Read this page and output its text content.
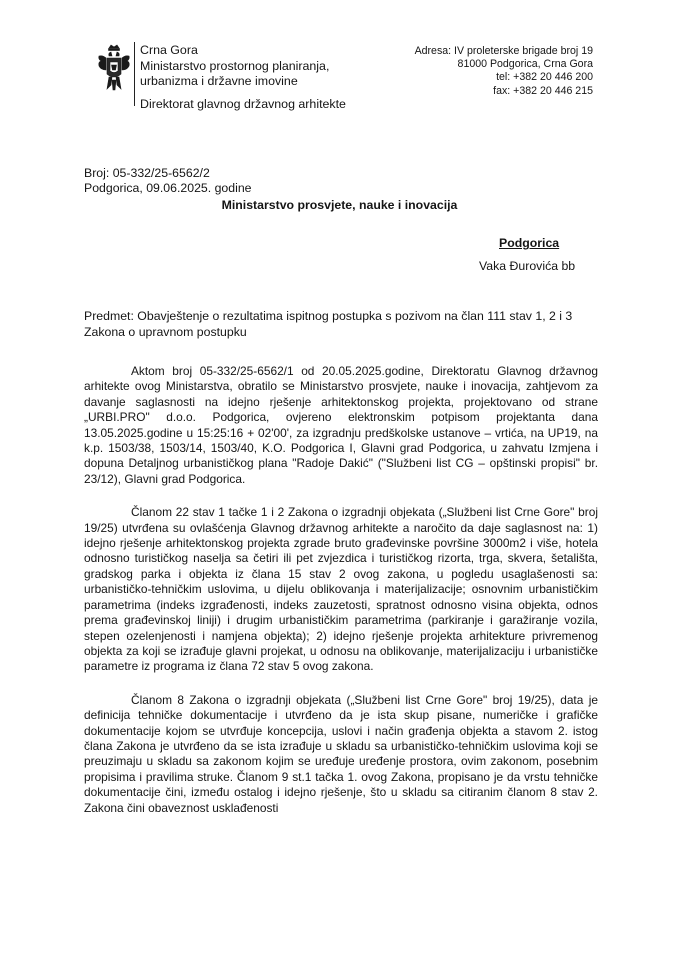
Crna Gora
Ministarstvo prostornog planiranja,
urbanizma i državne imovine
Direktorat glavnog državnog arhitekte
Adresa: IV proleterske brigade broj 19
81000 Podgorica, Crna Gora
tel: +382 20 446 200
fax: +382 20 446 215
Broj: 05-332/25-6562/2
Podgorica, 09.06.2025. godine
Ministarstvo prosvjete, nauke i inovacija
Podgorica
Vaka Đurovića bb
Predmet: Obavještenje o rezultatima ispitnog postupka s pozivom na član 111 stav 1, 2 i 3 Zakona o upravnom postupku

Aktom broj 05-332/25-6562/1 od 20.05.2025.godine, Direktoratu Glavnog državnog arhitekte ovog Ministarstva, obratilo se Ministarstvo prosvjete, nauke i inovacija, zahtjevom za davanje saglasnosti na idejno rješenje arhitektonskog projekta, projektovano od strane „URBI.PRO" d.o.o. Podgorica, ovjereno elektronskim potpisom projektanta dana 13.05.2025.godine u 15:25:16 + 02'00', za izgradnju predškolske ustanove – vrtića, na UP19, na k.p. 1503/38, 1503/14, 1503/40, K.O. Podgorica I, Glavni grad Podgorica, u zahvatu Izmjena i dopuna Detaljnog urbanističkog plana "Radoje Dakić" ("Službeni list CG – opštinski propisi" br. 23/12), Glavni grad Podgorica.

Članom 22 stav 1 tačke 1 i 2 Zakona o izgradnji objekata („Službeni list Crne Gore" broj 19/25) utvrđena su ovlašćenja Glavnog državnog arhitekte a naročito da daje saglasnost na: 1) idejno rješenje arhitektonskog projekta zgrade bruto građevinske površine 3000m2 i više, hotela odnosno turističkog naselja sa četiri ili pet zvjezdica i turističkog rizorta, trga, skvera, šetališta, gradskog parka i objekta iz člana 15 stav 2 ovog zakona, u pogledu usaglašenosti sa: urbanističko-tehničkim uslovima, u dijelu oblikovanja i materijalizacije; osnovnim urbanističkim parametrima (indeks izgrađenosti, indeks zauzetosti, spratnost odnosno visina objekta, odnos prema građevinskoj liniji) i drugim urbanističkim parametrima (parkiranje i garažiranje vozila, stepen ozelenjenosti i namjena objekta); 2) idejno rješenje projekta arhitekture privremenog objekta za koji se izrađuje glavni projekat, u odnosu na oblikovanje, materijalizaciju i urbanističke parametre iz programa iz člana 72 stav 5 ovog zakona.

Članom 8 Zakona o izgradnji objekata („Službeni list Crne Gore" broj 19/25), data je definicija tehničke dokumentacije i utvrđeno da je ista skup pisane, numeričke i grafičke dokumentacije kojom se utvrđuje koncepcija, uslovi i način građenja objekta a stavom 2. istog člana Zakona je utvrđeno da se ista izrađuje u skladu sa urbanističko-tehničkim uslovima koji se preuzimaju u skladu sa zakonom kojim se uređuje uređenje prostora, ovim zakonom, posebnim propisima i pravilima struke. Članom 9 st.1 tačka 1. ovog Zakona, propisano je da vrstu tehničke dokumentacije čini, između ostalog i idejno rješenje, što u skladu sa citiranim članom 8 stav 2. Zakona čini obaveznost usklađenosti
